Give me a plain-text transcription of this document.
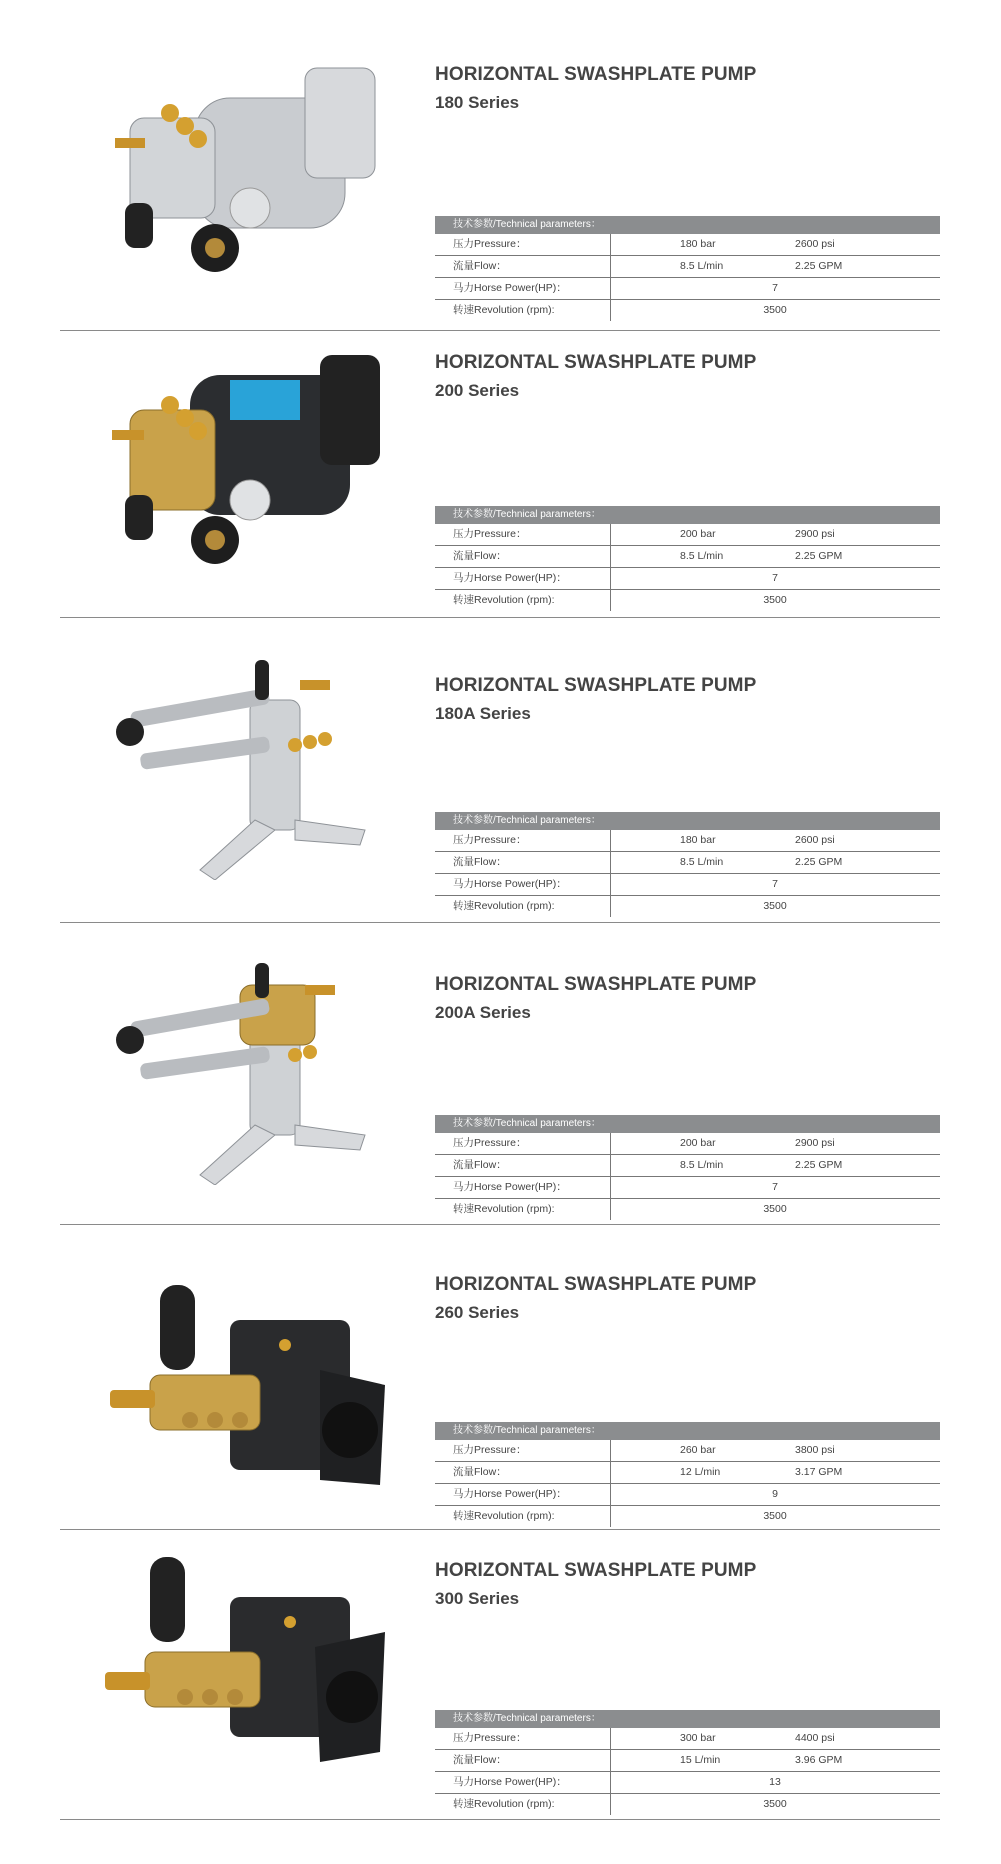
HORIZONTAL SWASHPLATE PUMP
180 Series
技术参数/Technical parameters：
压力Pressure：	180 bar	2600 psi
流量Flow：	8.5 L/min	2.25 GPM
马力Horse Power(HP)：	7
转速Revolution (rpm):	3500
HORIZONTAL SWASHPLATE PUMP
200 Series
技术参数/Technical parameters：
压力Pressure：	200 bar	2900 psi
流量Flow：	8.5 L/min	2.25 GPM
马力Horse Power(HP)：	7
转速Revolution (rpm):	3500
HORIZONTAL SWASHPLATE PUMP
180A Series
技术参数/Technical parameters：
压力Pressure：	180 bar	2600 psi
流量Flow：	8.5 L/min	2.25 GPM
马力Horse Power(HP)：	7
转速Revolution (rpm):	3500
HORIZONTAL SWASHPLATE PUMP
200A Series
技术参数/Technical parameters：
压力Pressure：	200 bar	2900 psi
流量Flow：	8.5 L/min	2.25 GPM
马力Horse Power(HP)：	7
转速Revolution (rpm):	3500
HORIZONTAL SWASHPLATE PUMP
260 Series
技术参数/Technical parameters：
压力Pressure：	260 bar	3800 psi
流量Flow：	12 L/min	3.17 GPM
马力Horse Power(HP)：	9
转速Revolution (rpm):	3500
HORIZONTAL SWASHPLATE PUMP
300 Series
技术参数/Technical parameters：
压力Pressure：	300 bar	4400 psi
流量Flow：	15 L/min	3.96 GPM
马力Horse Power(HP)：	13
转速Revolution (rpm):	3500
